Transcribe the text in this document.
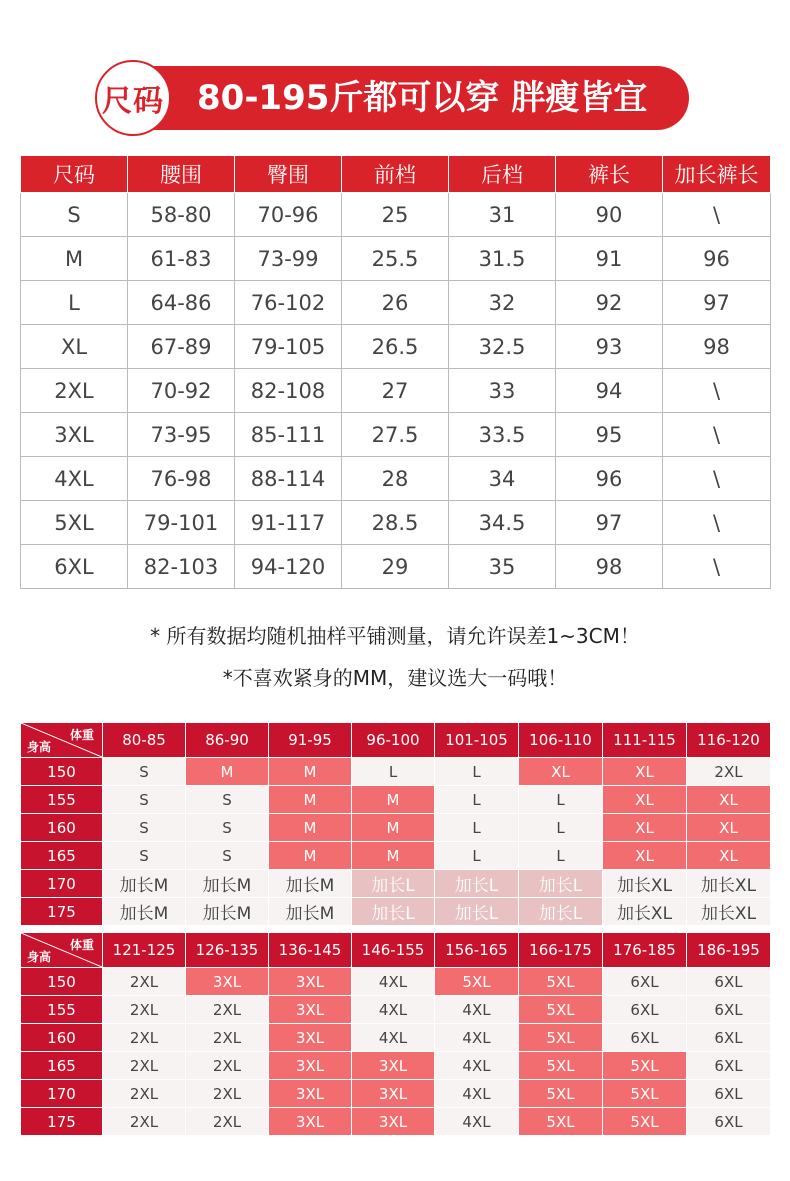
尺码 80-195斤都可以穿 胖瘦皆宜
尺码	腰围	臀围	前档	后档	裤长	加长裤长
S	58-80	70-96	25	31	90	\
M	61-83	73-99	25.5	31.5	91	96
L	64-86	76-102	26	32	92	97
XL	67-89	79-105	26.5	32.5	93	98
2XL	70-92	82-108	27	33	94	\
3XL	73-95	85-111	27.5	33.5	95	\
4XL	76-98	88-114	28	34	96	\
5XL	79-101	91-117	28.5	34.5	97	\
6XL	82-103	94-120	29	35	98	\
* 所有数据均随机抽样平铺测量，请允许误差1~3CM！
*不喜欢紧身的MM，建议选大一码哦！
体重
身高	80-85	86-90	91-95	96-100	101-105	106-110	111-115	116-120
150	S	M	M	L	L	XL	XL	2XL
155	S	S	M	M	L	L	XL	XL
160	S	S	M	M	L	L	XL	XL
165	S	S	M	M	L	L	XL	XL
170	加长M	加长M	加长M	加长L	加长L	加长L	加长XL	加长XL
175	加长M	加长M	加长M	加长L	加长L	加长L	加长XL	加长XL
体重
身高	121-125	126-135	136-145	146-155	156-165	166-175	176-185	186-195
150	2XL	3XL	3XL	4XL	5XL	5XL	6XL	6XL
155	2XL	2XL	3XL	4XL	4XL	5XL	6XL	6XL
160	2XL	2XL	3XL	4XL	4XL	5XL	6XL	6XL
165	2XL	2XL	3XL	3XL	4XL	5XL	5XL	6XL
170	2XL	2XL	3XL	3XL	4XL	5XL	5XL	6XL
175	2XL	2XL	3XL	3XL	4XL	5XL	5XL	6XL
